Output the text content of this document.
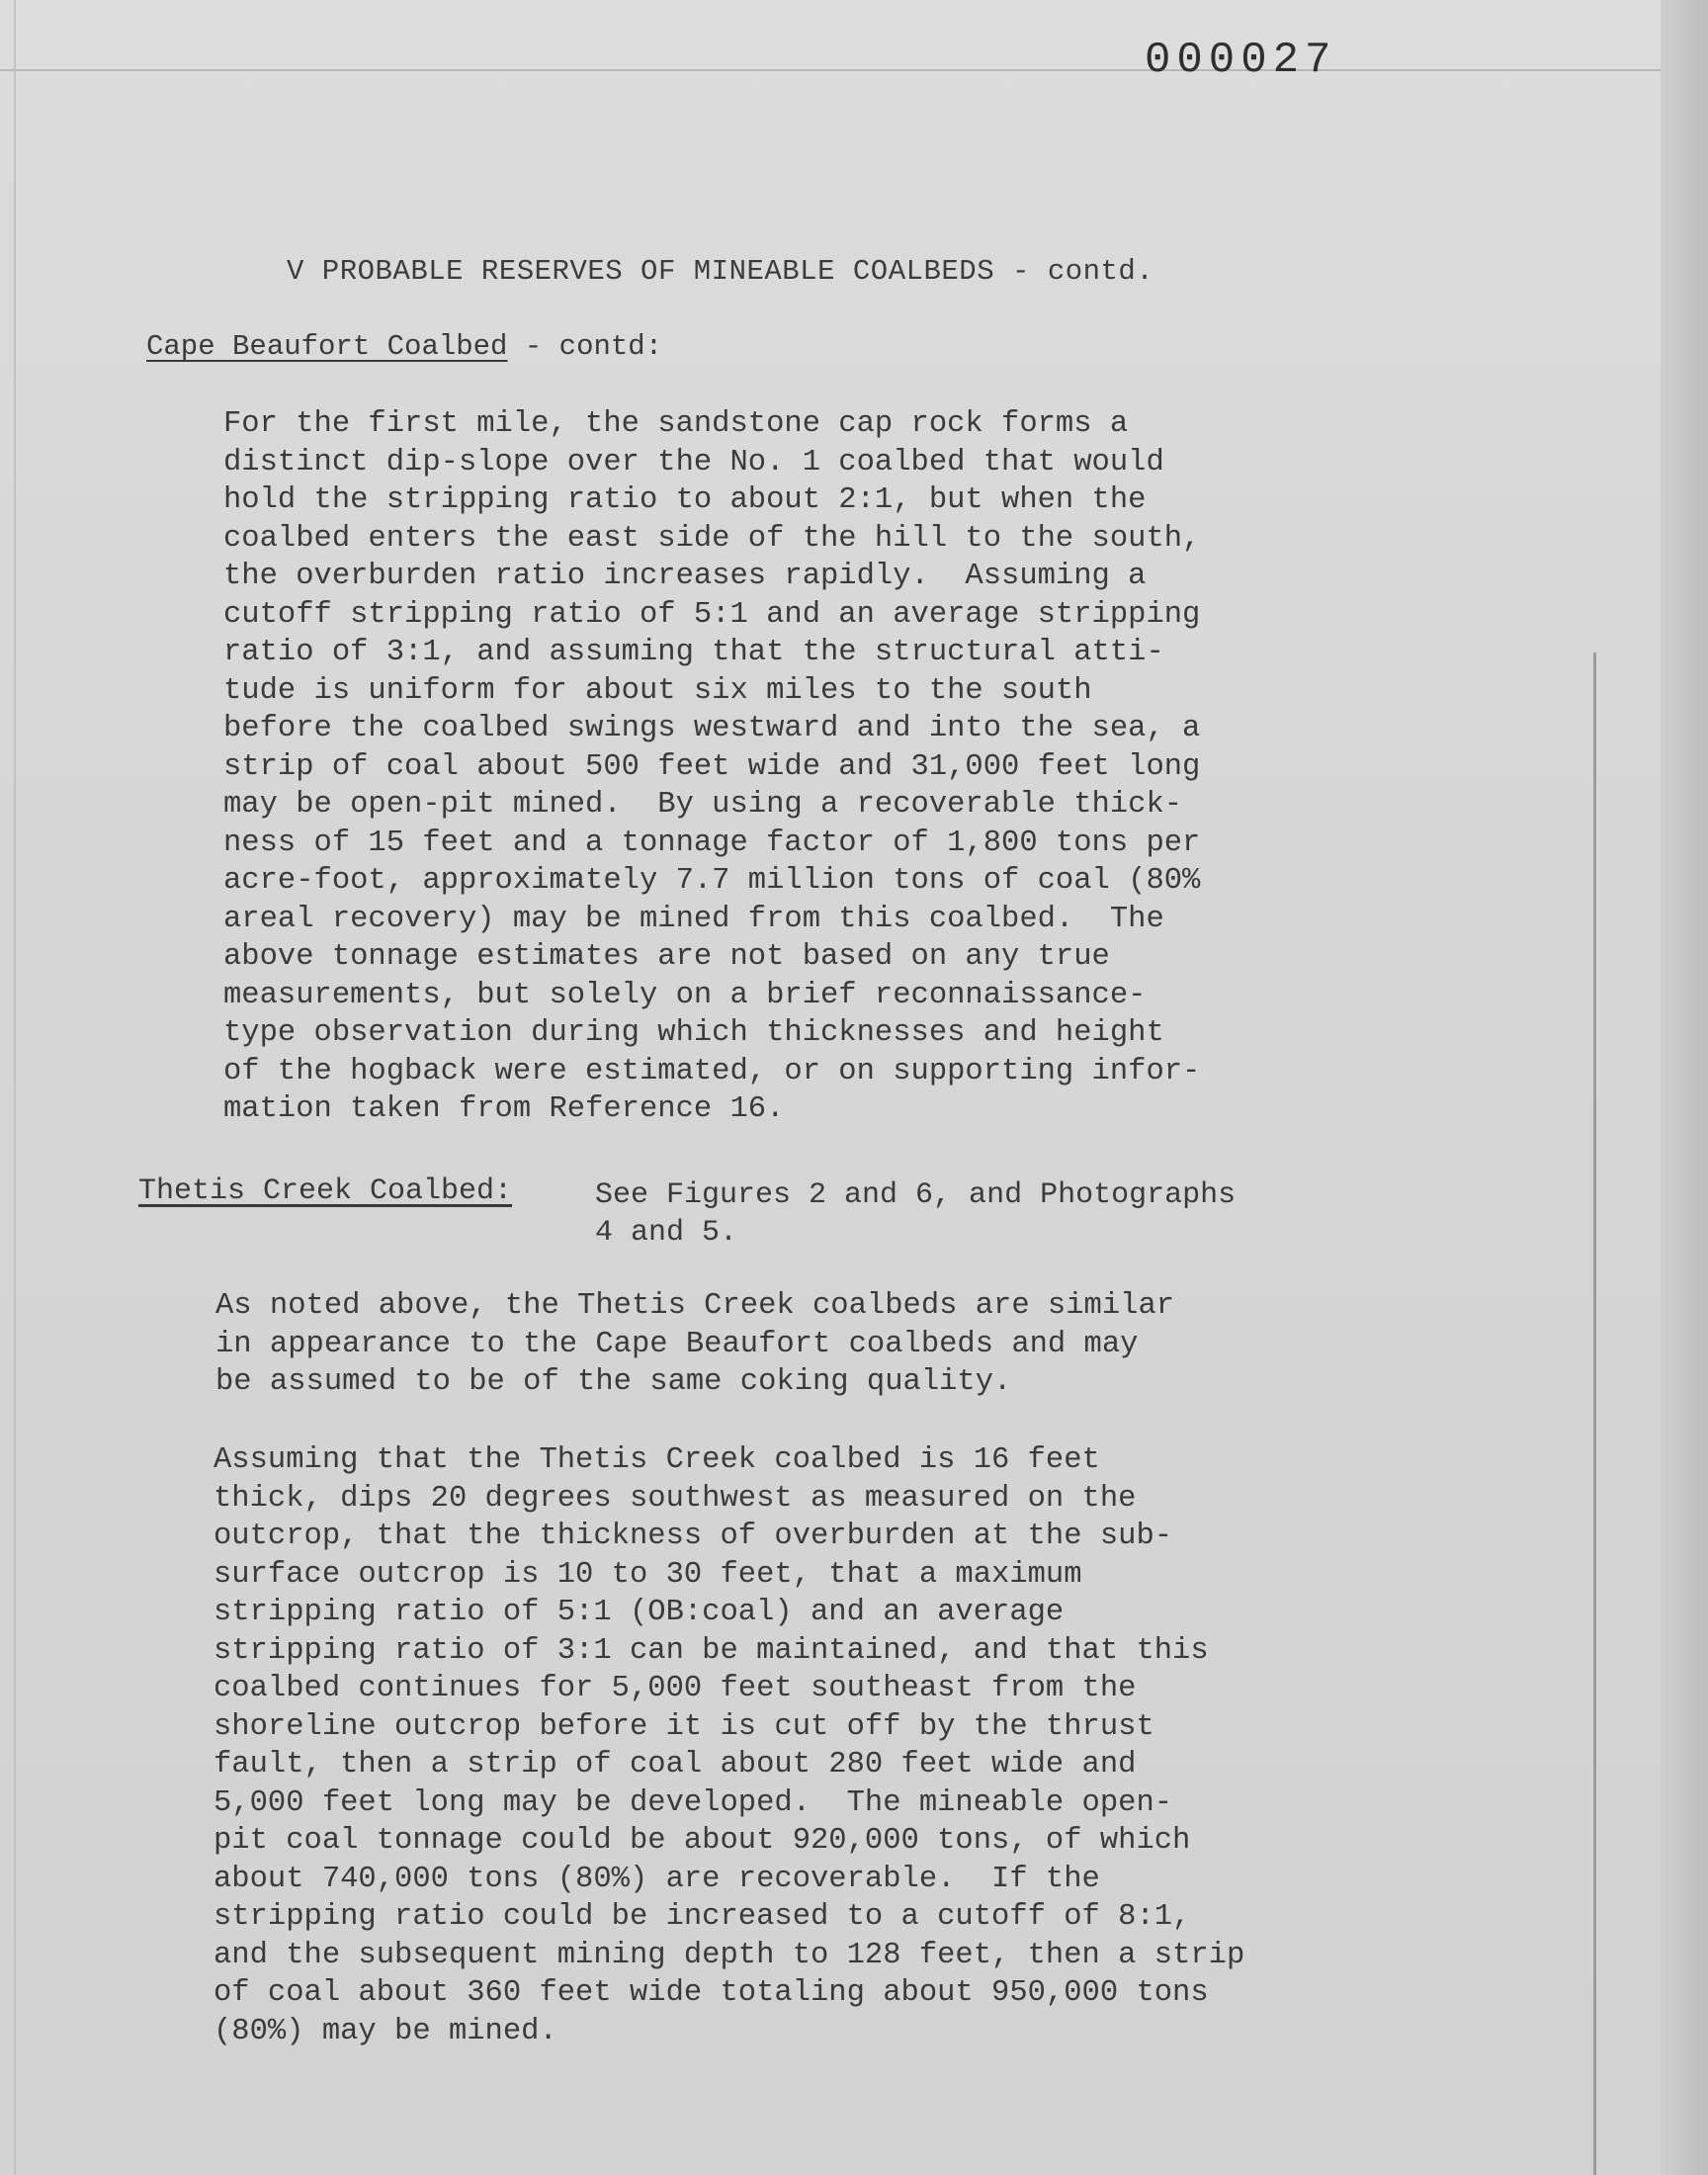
000027
V PROBABLE RESERVES OF MINEABLE COALBEDS - contd.
Cape Beaufort Coalbed - contd:

For the first mile, the sandstone cap rock forms a
distinct dip-slope over the No. 1 coalbed that would
hold the stripping ratio to about 2:1, but when the
coalbed enters the east side of the hill to the south,
the overburden ratio increases rapidly.  Assuming a
cutoff stripping ratio of 5:1 and an average stripping
ratio of 3:1, and assuming that the structural atti-
tude is uniform for about six miles to the south
before the coalbed swings westward and into the sea, a
strip of coal about 500 feet wide and 31,000 feet long
may be open-pit mined.  By using a recoverable thick-
ness of 15 feet and a tonnage factor of 1,800 tons per
acre-foot, approximately 7.7 million tons of coal (80%
areal recovery) may be mined from this coalbed.  The
above tonnage estimates are not based on any true
measurements, but solely on a brief reconnaissance-
type observation during which thicknesses and height
of the hogback were estimated, or on supporting infor-
mation taken from Reference 16.

Thetis Creek Coalbed:	See Figures 2 and 6, and Photographs
4 and 5.

As noted above, the Thetis Creek coalbeds are similar
in appearance to the Cape Beaufort coalbeds and may
be assumed to be of the same coking quality.

Assuming that the Thetis Creek coalbed is 16 feet
thick, dips 20 degrees southwest as measured on the
outcrop, that the thickness of overburden at the sub-
surface outcrop is 10 to 30 feet, that a maximum
stripping ratio of 5:1 (OB:coal) and an average
stripping ratio of 3:1 can be maintained, and that this
coalbed continues for 5,000 feet southeast from the
shoreline outcrop before it is cut off by the thrust
fault, then a strip of coal about 280 feet wide and
5,000 feet long may be developed.  The mineable open-
pit coal tonnage could be about 920,000 tons, of which
about 740,000 tons (80%) are recoverable.  If the
stripping ratio could be increased to a cutoff of 8:1,
and the subsequent mining depth to 128 feet, then a strip
of coal about 360 feet wide totaling about 950,000 tons
(80%) may be mined.
